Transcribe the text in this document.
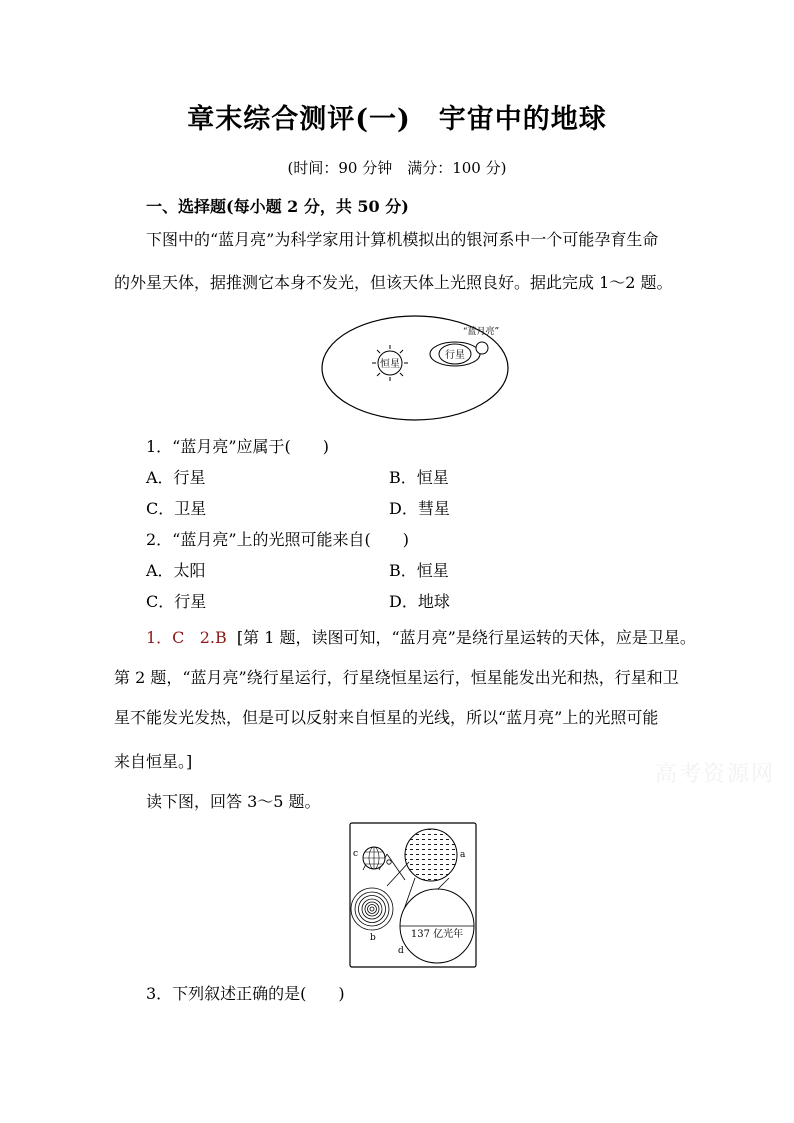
章末综合测评(一)　宇宙中的地球
(时间：90 分钟　满分：100 分)
一、选择题(每小题 2 分，共 50 分)
下图中的“蓝月亮”为科学家用计算机模拟出的银河系中一个可能孕育生命
的外星天体，据推测它本身不发光，但该天体上光照良好。据此完成 1～2 题。
恒星
行星
“蓝月亮”
1．“蓝月亮”应属于(　　)
A．行星	B．恒星
C．卫星	D．彗星
2．“蓝月亮”上的光照可能来自(　　)
A．太阳	B．恒星
C．行星	D．地球
1．C 2.B [第 1 题，读图可知，“蓝月亮”是绕行星运转的天体，应是卫星。
第 2 题，“蓝月亮”绕行星运行，行星绕恒星运行，恒星能发出光和热，行星和卫
星不能发光发热，但是可以反射来自恒星的光线，所以“蓝月亮”上的光照可能
来自恒星。]
高考资源网
读下图，回答 3～5 题。
a
c
b	137 亿光年
d
3．下列叙述正确的是(　　)
